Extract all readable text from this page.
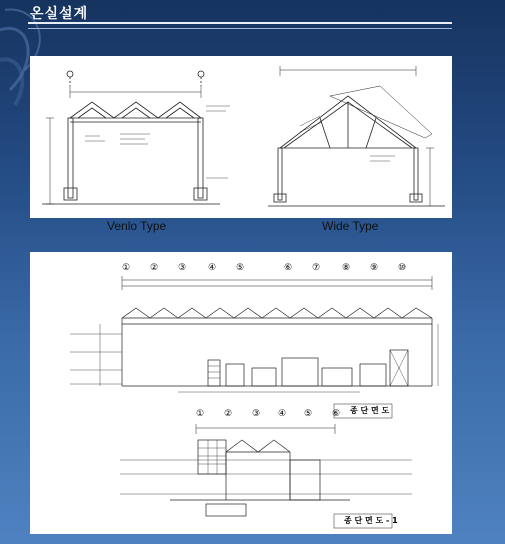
온실설계
Venlo Type	Wide Type
① ② ③ ④ ⑤	⑥ ⑦ ⑧ ⑨ ⑩
① ② ③ ④ ⑤ ⑥ 종 단 면 도
종 단 면 도 - 1
